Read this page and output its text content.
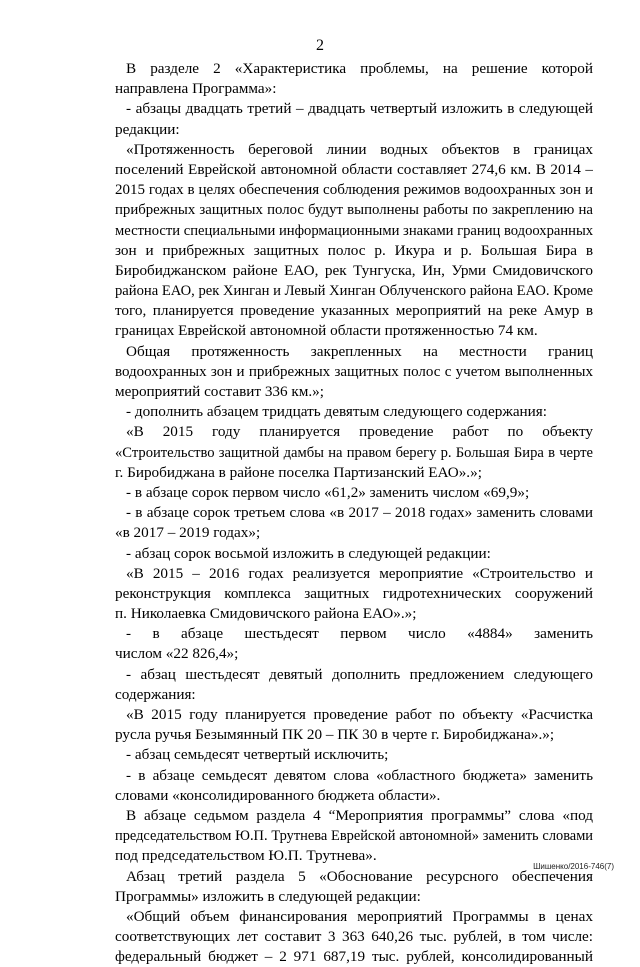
2
В разделе 2 «Характеристика проблемы, на решение которой
направлена Программа»:
- абзацы двадцать третий – двадцать четвертый изложить в следующей
редакции:
«Протяженность береговой линии водных объектов в границах
поселений Еврейской автономной области составляет 274,6 км. В 2014 –
2015 годах в целях обеспечения соблюдения режимов водоохранных зон и
прибрежных защитных полос будут выполнены работы по закреплению на
местности специальными информационными знаками границ водоохранных
зон и прибрежных защитных полос р. Икура и р. Большая Бира в
Биробиджанском районе ЕАО, рек Тунгуска, Ин, Урми Смидовичского
района ЕАО, рек Хинган и Левый Хинган Облученского района ЕАО. Кроме
того, планируется проведение указанных мероприятий на реке Амур в
границах Еврейской автономной области протяженностью 74 км.
Общая протяженность закрепленных на местности границ
водоохранных зон и прибрежных защитных полос с учетом выполненных
мероприятий составит 336 км.»;
- дополнить абзацем тридцать девятым следующего содержания:
«В 2015 году планируется проведение работ по объекту
«Строительство защитной дамбы на правом берегу р. Большая Бира в черте
г. Биробиджана в районе поселка Партизанский ЕАО».»;
- в абзаце сорок первом число «61,2» заменить числом «69,9»;
- в абзаце сорок третьем слова «в 2017 – 2018 годах» заменить словами
«в 2017 – 2019 годах»;
- абзац сорок восьмой изложить в следующей редакции:
«В 2015 – 2016 годах реализуется мероприятие «Строительство и
реконструкция комплекса защитных гидротехнических сооружений
п. Николаевка Смидовичского района ЕАО».»;
- в абзаце шестьдесят первом число «4884» заменить
числом «22 826,4»;
- абзац шестьдесят девятый дополнить предложением следующего
содержания:
«В 2015 году планируется проведение работ по объекту «Расчистка
русла ручья Безымянный ПК 20 – ПК 30 в черте г. Биробиджана».»;
- абзац семьдесят четвертый исключить;
- в абзаце семьдесят девятом слова «областного бюджета» заменить
словами «консолидированного бюджета области».
В абзаце седьмом раздела 4 “Мероприятия программы” слова «под
председательством Ю.П. Трутнева Еврейской автономной» заменить словами
под председательством Ю.П. Трутнева».
Абзац третий раздела 5 «Обоснование ресурсного обеспечения
Программы» изложить в следующей редакции:
«Общий объем финансирования мероприятий Программы в ценах
соответствующих лет составит 3 363 640,26 тыс. рублей, в том числе:
федеральный бюджет – 2 971 687,19 тыс. рублей, консолидированный
Шишенко/2016-746(7)
